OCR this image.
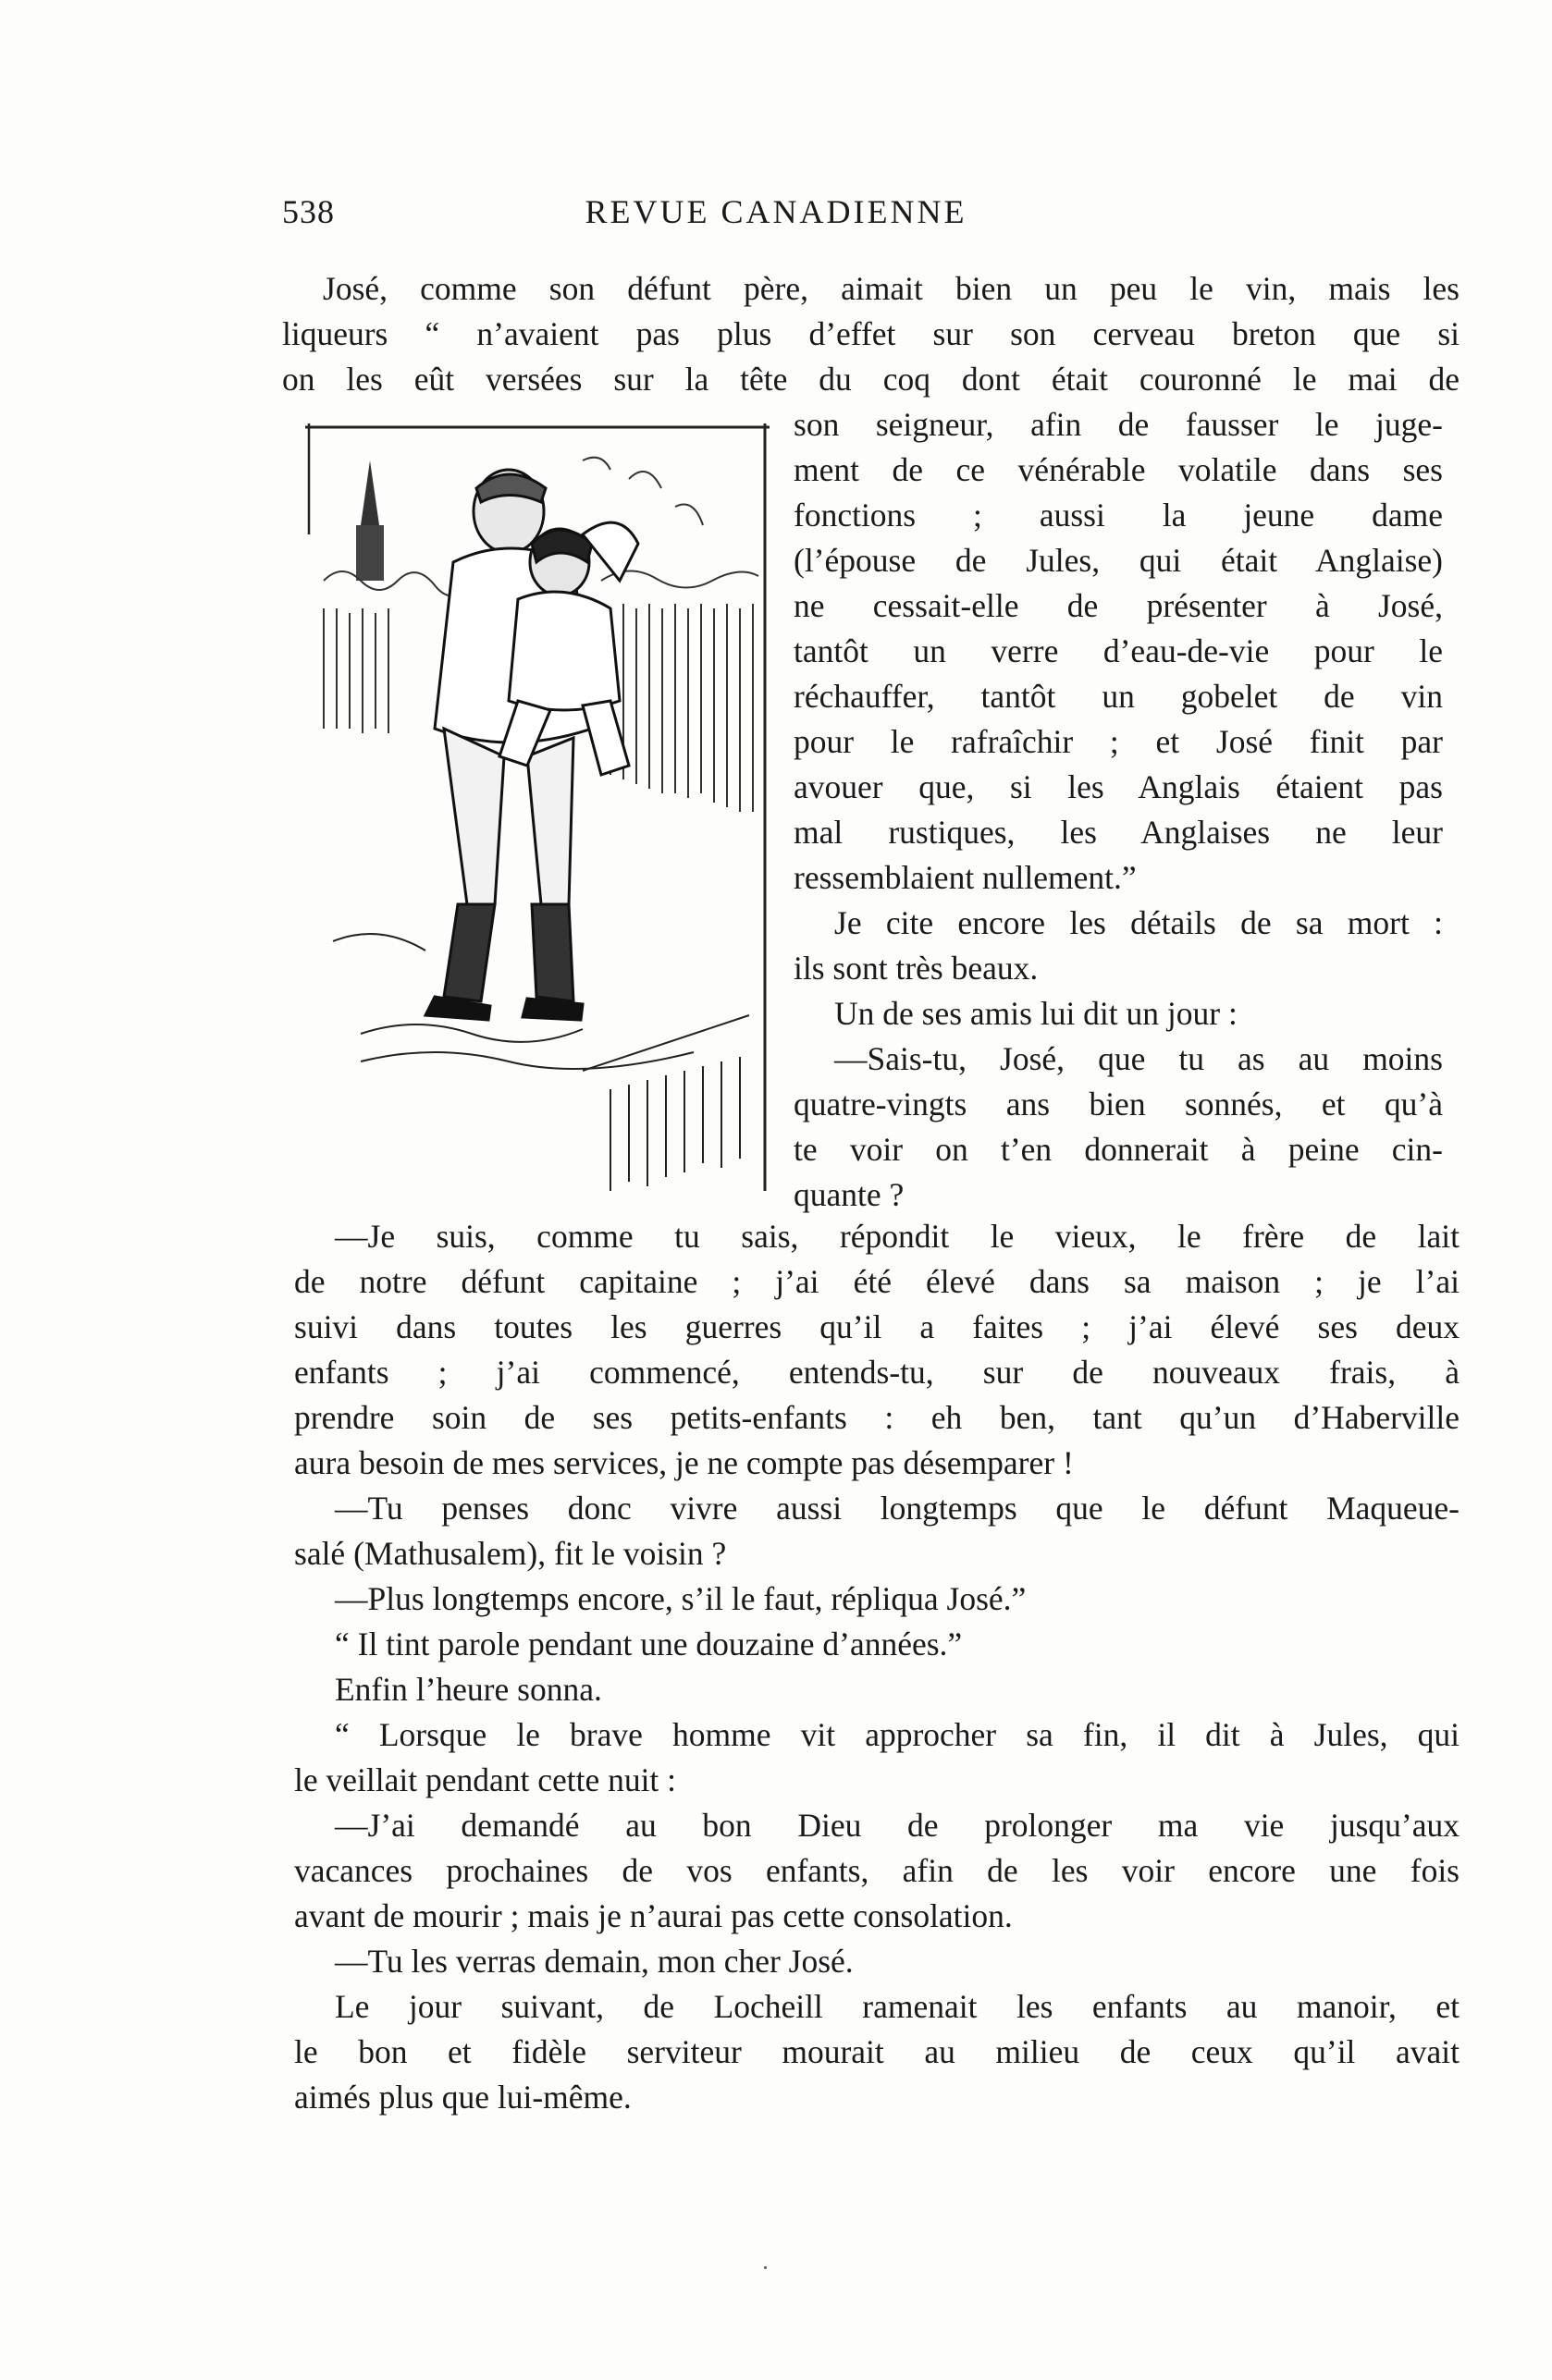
538	REVUE CANADIENNE
José, comme son défunt père, aimait bien un peu le vin, mais les
liqueurs “ n’avaient pas plus d’effet sur son cerveau breton que si
on les eût versées sur la tête du coq dont était couronné le mai de
son seigneur, afin de fausser le juge-
ment de ce vénérable volatile dans ses
fonctions ; aussi la jeune dame
(l’épouse de Jules, qui était Anglaise)
ne cessait-elle de présenter à José,
tantôt un verre d’eau-de-vie pour le
réchauffer, tantôt un gobelet de vin
pour le rafraîchir ; et José finit par
avouer que, si les Anglais étaient pas
mal rustiques, les Anglaises ne leur
ressemblaient nullement.”
Je cite encore les détails de sa mort :
ils sont très beaux.
Un de ses amis lui dit un jour :
—Sais-tu, José, que tu as au moins
quatre-vingts ans bien sonnés, et qu’à
te voir on t’en donnerait à peine cin-
quante ?
—Je suis, comme tu sais, répondit le vieux, le frère de lait
de notre défunt capitaine ; j’ai été élevé dans sa maison ; je l’ai
suivi dans toutes les guerres qu’il a faites ; j’ai élevé ses deux
enfants ; j’ai commencé, entends-tu, sur de nouveaux frais, à
prendre soin de ses petits-enfants : eh ben, tant qu’un d’Haberville
aura besoin de mes services, je ne compte pas désemparer !
—Tu penses donc vivre aussi longtemps que le défunt Maqueue-
salé (Mathusalem), fit le voisin ?
—Plus longtemps encore, s’il le faut, répliqua José.”
“ Il tint parole pendant une douzaine d’années.”
Enfin l’heure sonna.
“ Lorsque le brave homme vit approcher sa fin, il dit à Jules, qui
le veillait pendant cette nuit :
—J’ai demandé au bon Dieu de prolonger ma vie jusqu’aux
vacances prochaines de vos enfants, afin de les voir encore une fois
avant de mourir ; mais je n’aurai pas cette consolation.
—Tu les verras demain, mon cher José.
Le jour suivant, de Locheill ramenait les enfants au manoir, et
le bon et fidèle serviteur mourait au milieu de ceux qu’il avait
aimés plus que lui-même.
